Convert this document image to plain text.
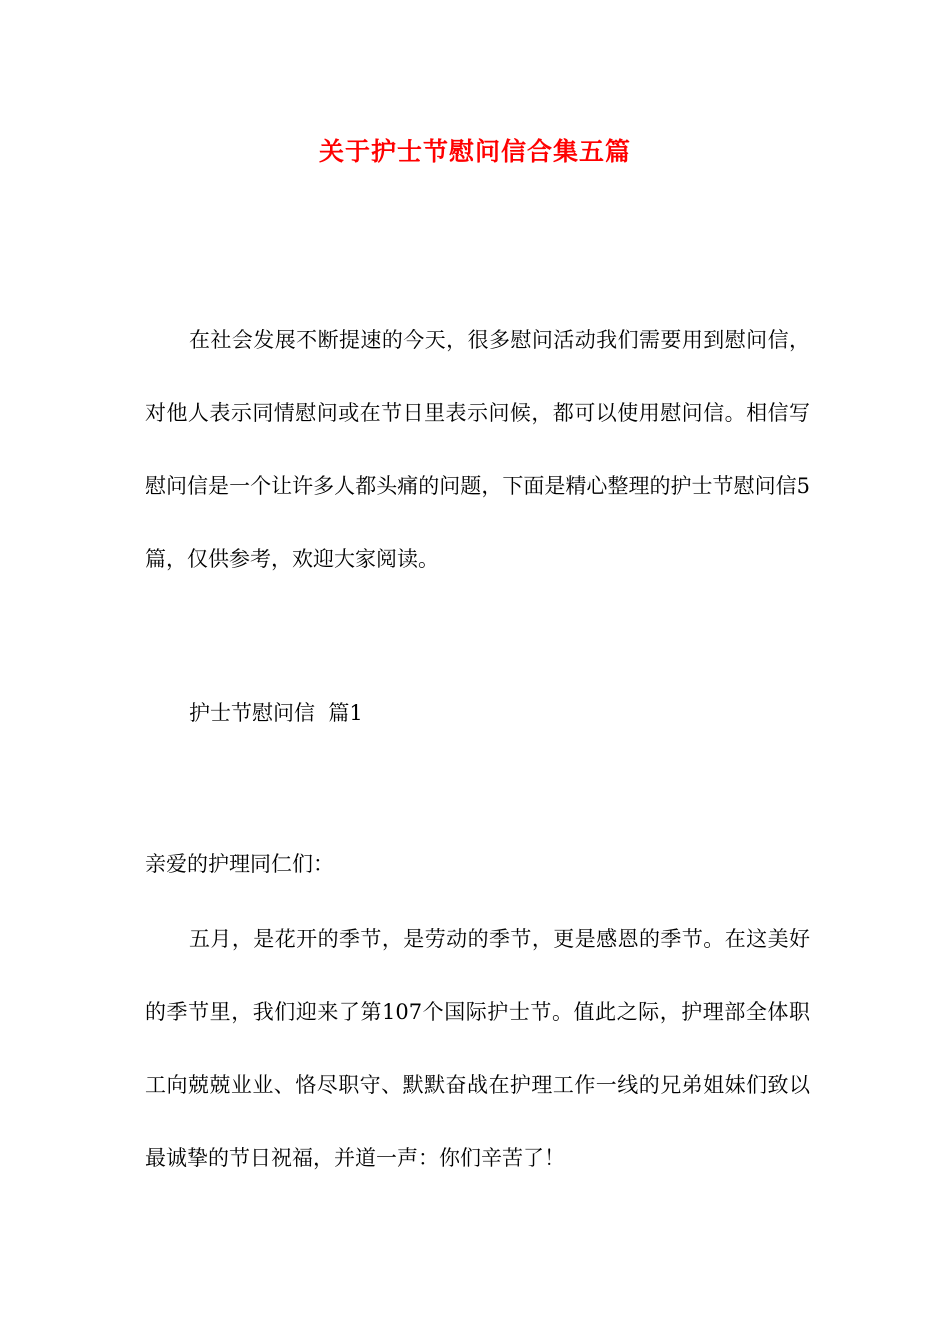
关于护士节慰问信合集五篇
在社会发展不断提速的今天，很多慰问活动我们需要用到慰问信，对他人表示同情慰问或在节日里表示问候，都可以使用慰问信。相信写慰问信是一个让许多人都头痛的问题，下面是精心整理的护士节慰问信5篇，仅供参考，欢迎大家阅读。
护士节慰问信  篇1
亲爱的护理同仁们：
五月，是花开的季节，是劳动的季节，更是感恩的季节。在这美好的季节里，我们迎来了第107个国际护士节。值此之际，护理部全体职工向兢兢业业、恪尽职守、默默奋战在护理工作一线的兄弟姐妹们致以最诚挚的节日祝福，并道一声：你们辛苦了！
